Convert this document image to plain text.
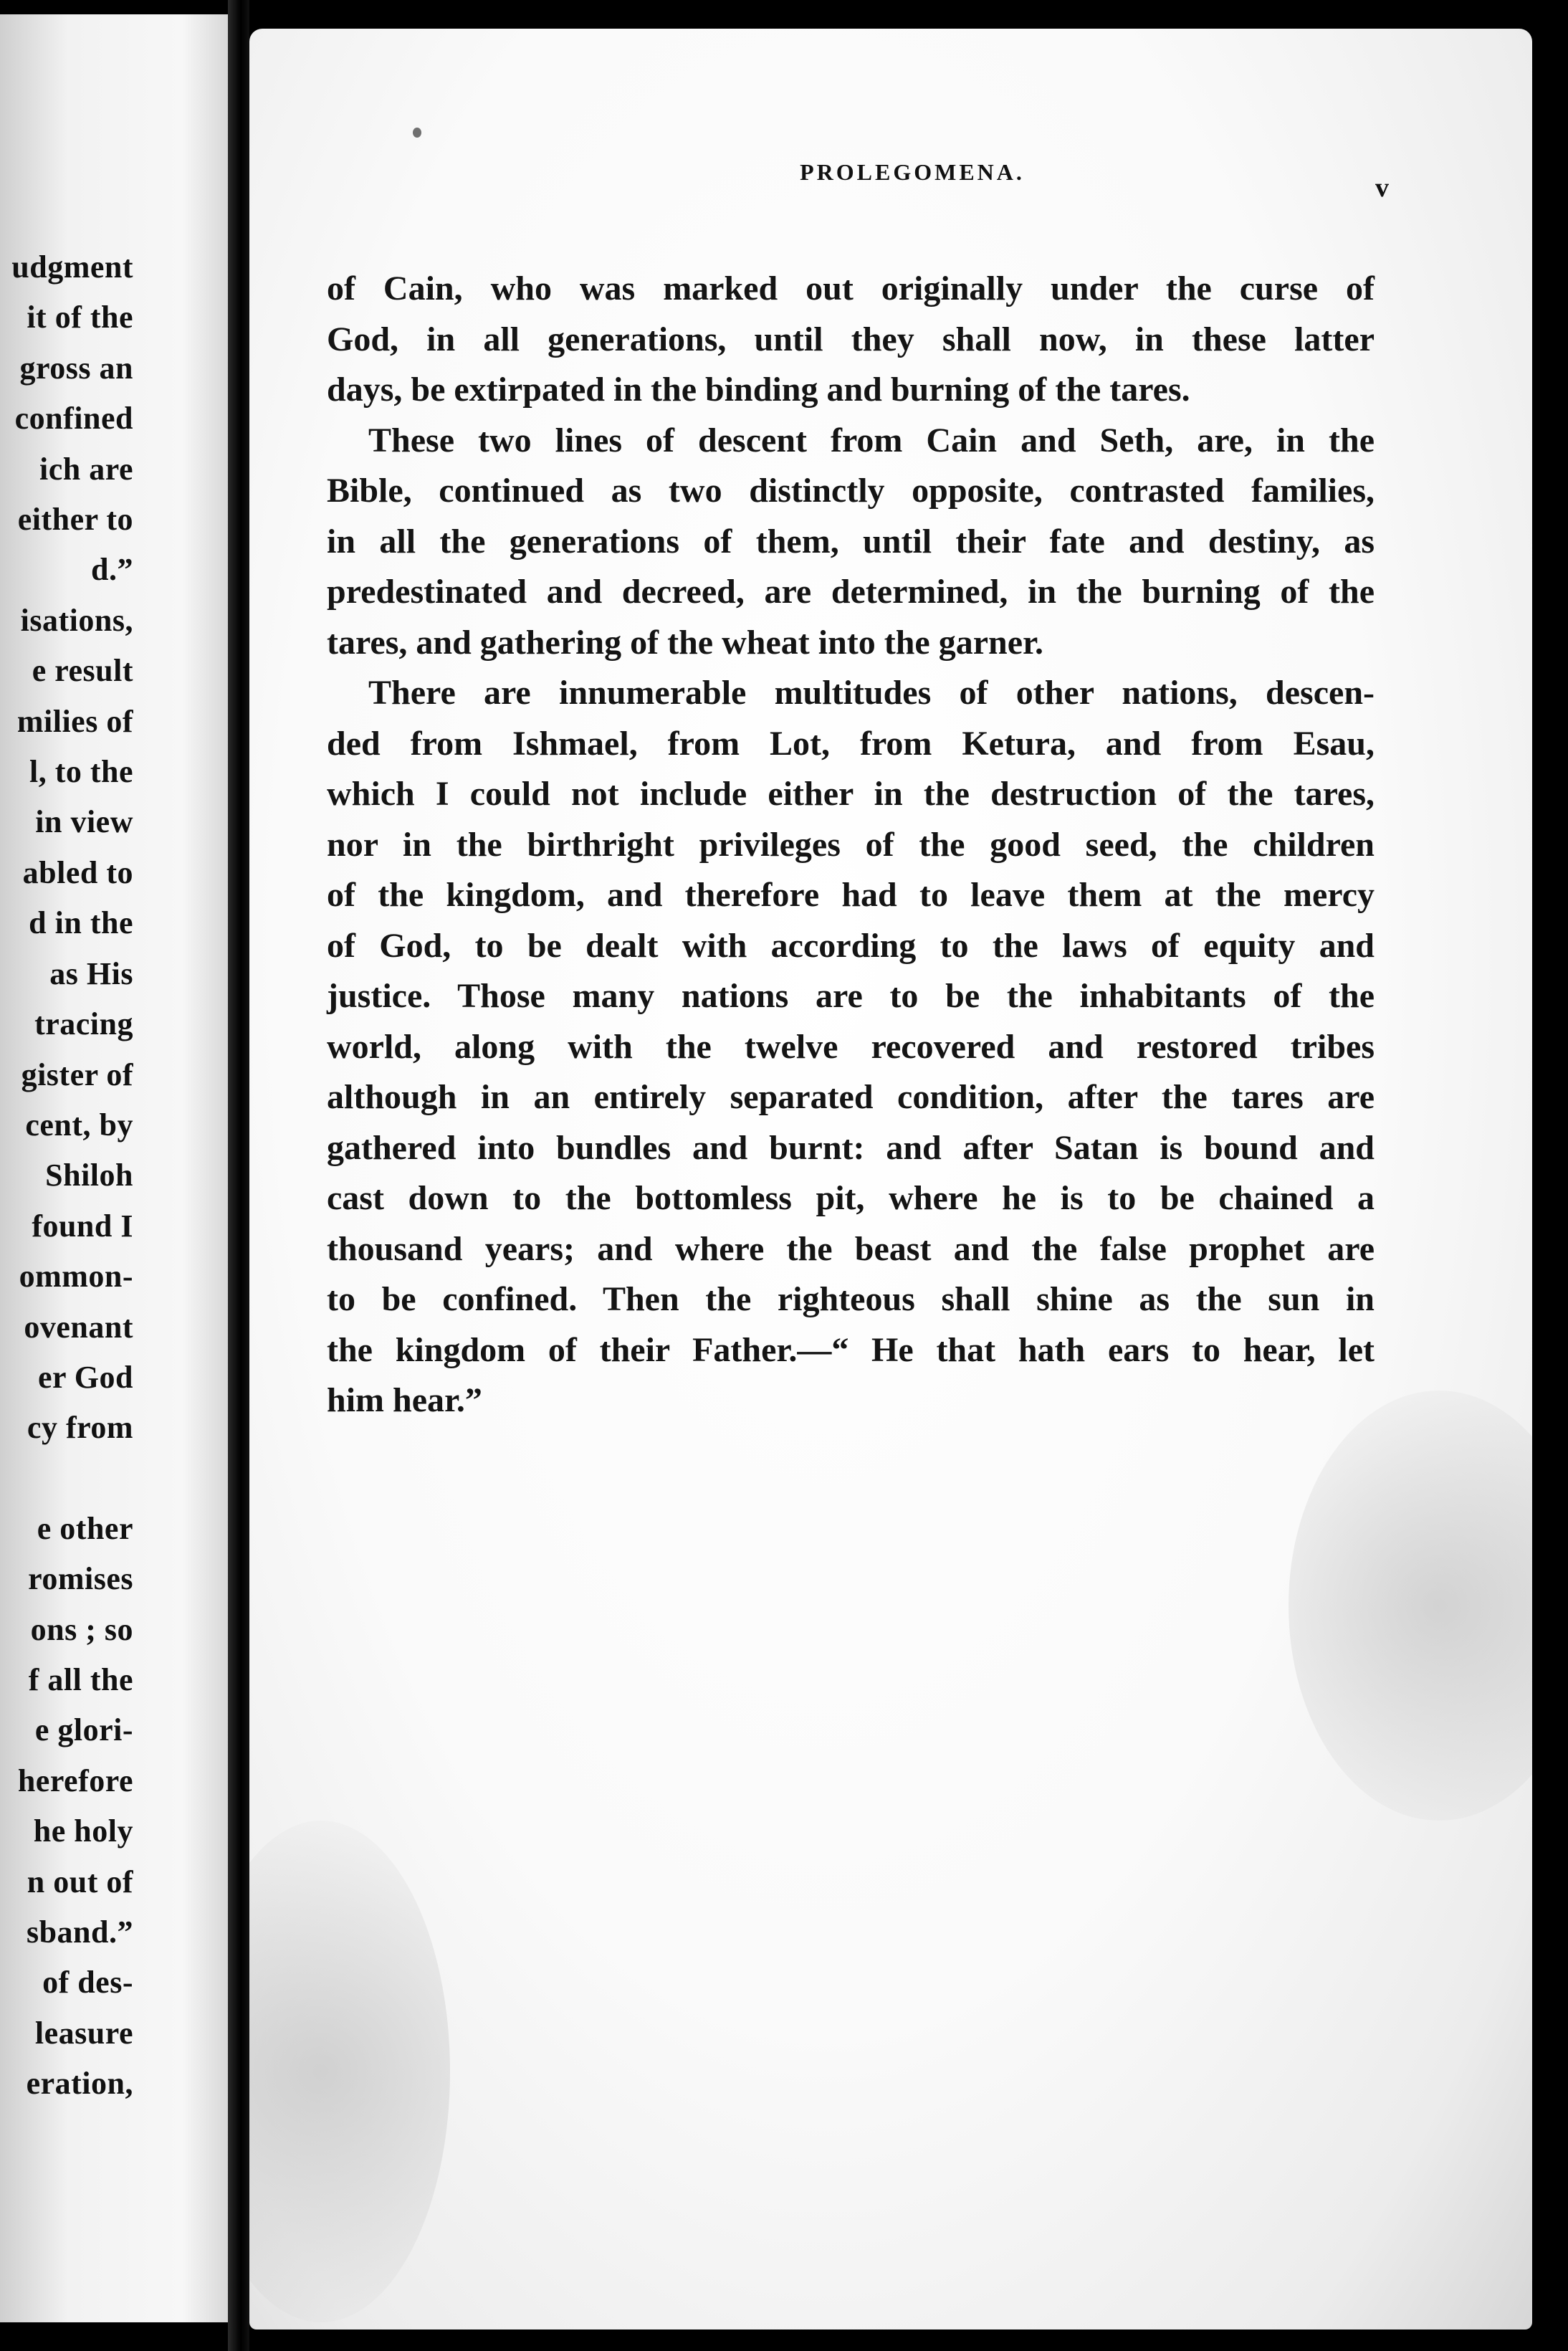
udgment
it of the
gross an
confined
ich are
either to
d.”
isations,
e result
milies of
l, to the
in view
abled to
d in the
as His
tracing
gister of
cent, by
Shiloh
found I
ommon-
ovenant
er God
cy from
e other
romises
ons ; so
f all the
e glori-
herefore
he holy
n out of
sband.”
of des-
leasure
eration,
PROLEGOMENA.
v
of Cain, who was marked out originally under the curse of
God, in all generations, until they shall now, in these latter
days, be extirpated in the binding and burning of the tares.
These two lines of descent from Cain and Seth, are, in the
Bible, continued as two distinctly opposite, contrasted families,
in all the generations of them, until their fate and destiny, as
predestinated and decreed, are determined, in the burning of the
tares, and gathering of the wheat into the garner.
There are innumerable multitudes of other nations, descen-
ded from Ishmael, from Lot, from Ketura, and from Esau,
which I could not include either in the destruction of the tares,
nor in the birthright privileges of the good seed, the children
of the kingdom, and therefore had to leave them at the mercy
of God, to be dealt with according to the laws of equity and
justice. Those many nations are to be the inhabitants of the
world, along with the twelve recovered and restored tribes
although in an entirely separated condition, after the tares are
gathered into bundles and burnt: and after Satan is bound and
cast down to the bottomless pit, where he is to be chained a
thousand years; and where the beast and the false prophet are
to be confined. Then the righteous shall shine as the sun in
the kingdom of their Father.—“ He that hath ears to hear, let
him hear.”
